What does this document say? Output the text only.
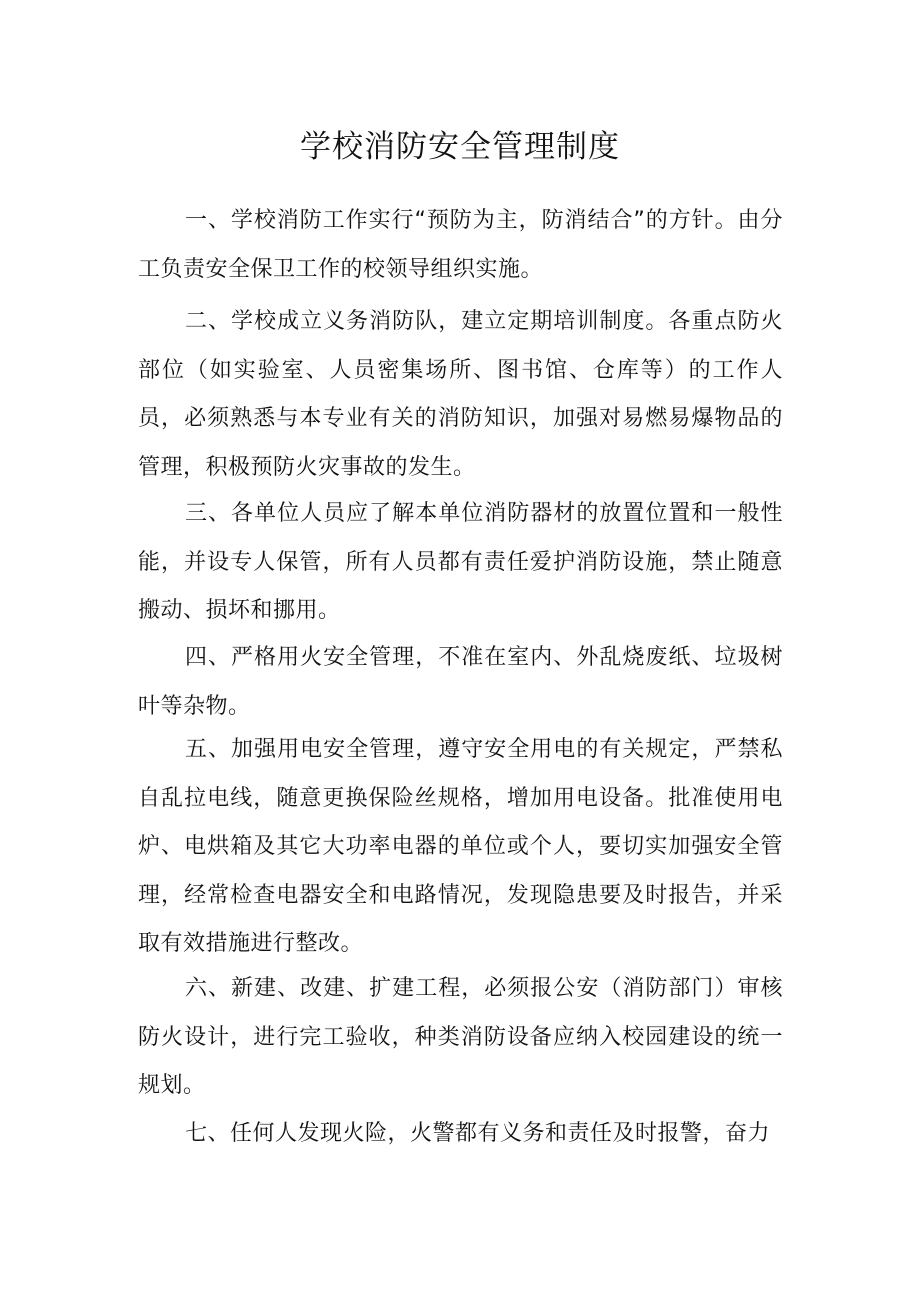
学校消防安全管理制度

一、学校消防工作实行“预防为主，防消结合”的方针。由分工负责安全保卫工作的校领导组织实施。

二、学校成立义务消防队，建立定期培训制度。各重点防火部位（如实验室、人员密集场所、图书馆、仓库等）的工作人员，必须熟悉与本专业有关的消防知识，加强对易燃易爆物品的管理，积极预防火灾事故的发生。

三、各单位人员应了解本单位消防器材的放置位置和一般性能，并设专人保管，所有人员都有责任爱护消防设施，禁止随意搬动、损坏和挪用。

四、严格用火安全管理，不准在室内、外乱烧废纸、垃圾树叶等杂物。

五、加强用电安全管理，遵守安全用电的有关规定，严禁私自乱拉电线，随意更换保险丝规格，增加用电设备。批准使用电炉、电烘箱及其它大功率电器的单位或个人，要切实加强安全管理，经常检查电器安全和电路情况，发现隐患要及时报告，并采取有效措施进行整改。

六、新建、改建、扩建工程，必须报公安（消防部门）审核防火设计，进行完工验收，种类消防设备应纳入校园建设的统一规划。

七、任何人发现火险，火警都有义务和责任及时报警，奋力
